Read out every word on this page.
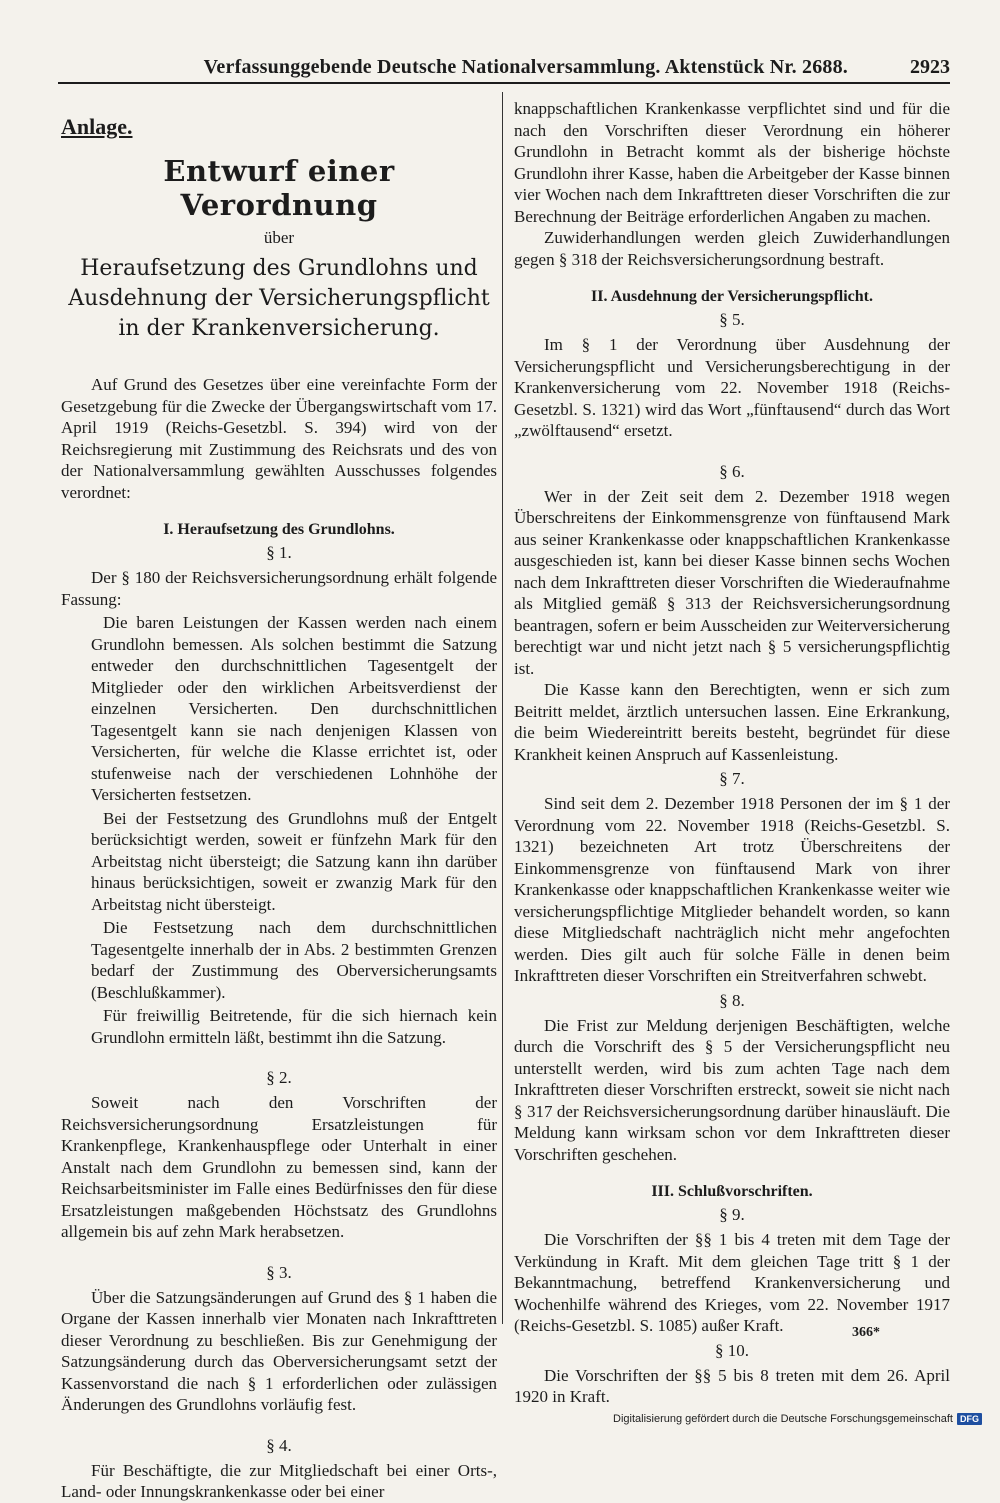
Verfassunggebende Deutsche Nationalversammlung. Aktenstück Nr. 2688.	2923
Anlage.
Entwurf einer Verordnung
über
Heraufsetzung des Grundlohns und Ausdehnung der Versicherungspflicht in der Krankenversicherung.

Auf Grund des Gesetzes über eine vereinfachte Form der Gesetzgebung für die Zwecke der Übergangswirtschaft vom 17. April 1919 (Reichs-Gesetzbl. S. 394) wird von der Reichsregierung mit Zustimmung des Reichsrats und des von der Nationalversammlung gewählten Ausschusses folgendes verordnet:

I. Heraufsetzung des Grundlohns.
§ 1.

Der § 180 der Reichsversicherungsordnung erhält folgende Fassung:

Die baren Leistungen der Kassen werden nach einem Grundlohn bemessen. Als solchen bestimmt die Satzung entweder den durchschnittlichen Tagesentgelt der Mitglieder oder den wirklichen Arbeitsverdienst der einzelnen Versicherten. Den durchschnittlichen Tagesentgelt kann sie nach denjenigen Klassen von Versicherten, für welche die Klasse errichtet ist, oder stufenweise nach der verschiedenen Lohnhöhe der Versicherten festsetzen.

Bei der Festsetzung des Grundlohns muß der Entgelt berücksichtigt werden, soweit er fünfzehn Mark für den Arbeitstag nicht übersteigt; die Satzung kann ihn darüber hinaus berücksichtigen, soweit er zwanzig Mark für den Arbeitstag nicht übersteigt.

Die Festsetzung nach dem durchschnittlichen Tagesentgelte innerhalb der in Abs. 2 bestimmten Grenzen bedarf der Zustimmung des Oberversicherungsamts (Beschlußkammer).

Für freiwillig Beitretende, für die sich hiernach kein Grundlohn ermitteln läßt, bestimmt ihn die Satzung.

§ 2.

Soweit nach den Vorschriften der Reichsversicherungsordnung Ersatzleistungen für Krankenpflege, Krankenhauspflege oder Unterhalt in einer Anstalt nach dem Grundlohn zu bemessen sind, kann der Reichsarbeitsminister im Falle eines Bedürfnisses den für diese Ersatzleistungen maßgebenden Höchstsatz des Grundlohns allgemein bis auf zehn Mark herabsetzen.

§ 3.

Über die Satzungsänderungen auf Grund des § 1 haben die Organe der Kassen innerhalb vier Monaten nach Inkrafttreten dieser Verordnung zu beschließen. Bis zur Genehmigung der Satzungsänderung durch das Oberversicherungsamt setzt der Kassenvorstand die nach § 1 erforderlichen oder zulässigen Änderungen des Grundlohns vorläufig fest.

§ 4.

Für Beschäftigte, die zur Mitgliedschaft bei einer Orts-, Land- oder Innungskrankenkasse oder bei einer

knappschaftlichen Krankenkasse verpflichtet sind und für die nach den Vorschriften dieser Verordnung ein höherer Grundlohn in Betracht kommt als der bisherige höchste Grundlohn ihrer Kasse, haben die Arbeitgeber der Kasse binnen vier Wochen nach dem Inkrafttreten dieser Vorschriften die zur Berechnung der Beiträge erforderlichen Angaben zu machen.

Zuwiderhandlungen werden gleich Zuwiderhandlungen gegen § 318 der Reichsversicherungsordnung bestraft.

II. Ausdehnung der Versicherungspflicht.
§ 5.

Im § 1 der Verordnung über Ausdehnung der Versicherungspflicht und Versicherungsberechtigung in der Krankenversicherung vom 22. November 1918 (Reichs-Gesetzbl. S. 1321) wird das Wort „fünftausend“ durch das Wort „zwölftausend“ ersetzt.

§ 6.

Wer in der Zeit seit dem 2. Dezember 1918 wegen Überschreitens der Einkommensgrenze von fünftausend Mark aus seiner Krankenkasse oder knappschaftlichen Krankenkasse ausgeschieden ist, kann bei dieser Kasse binnen sechs Wochen nach dem Inkrafttreten dieser Vorschriften die Wiederaufnahme als Mitglied gemäß § 313 der Reichsversicherungsordnung beantragen, sofern er beim Ausscheiden zur Weiterversicherung berechtigt war und nicht jetzt nach § 5 versicherungspflichtig ist.

Die Kasse kann den Berechtigten, wenn er sich zum Beitritt meldet, ärztlich untersuchen lassen. Eine Erkrankung, die beim Wiedereintritt bereits besteht, begründet für diese Krankheit keinen Anspruch auf Kassenleistung.

§ 7.

Sind seit dem 2. Dezember 1918 Personen der im § 1 der Verordnung vom 22. November 1918 (Reichs-Gesetzbl. S. 1321) bezeichneten Art trotz Überschreitens der Einkommensgrenze von fünftausend Mark von ihrer Krankenkasse oder knappschaftlichen Krankenkasse weiter wie versicherungspflichtige Mitglieder behandelt worden, so kann diese Mitgliedschaft nachträglich nicht mehr angefochten werden. Dies gilt auch für solche Fälle in denen beim Inkrafttreten dieser Vorschriften ein Streitverfahren schwebt.

§ 8.

Die Frist zur Meldung derjenigen Beschäftigten, welche durch die Vorschrift des § 5 der Versicherungspflicht neu unterstellt werden, wird bis zum achten Tage nach dem Inkrafttreten dieser Vorschriften erstreckt, soweit sie nicht nach § 317 der Reichsversicherungsordnung darüber hinausläuft. Die Meldung kann wirksam schon vor dem Inkrafttreten dieser Vorschriften geschehen.

III. Schlußvorschriften.
§ 9.

Die Vorschriften der §§ 1 bis 4 treten mit dem Tage der Verkündung in Kraft. Mit dem gleichen Tage tritt § 1 der Bekanntmachung, betreffend Krankenversicherung und Wochenhilfe während des Krieges, vom 22. November 1917 (Reichs-Gesetzbl. S. 1085) außer Kraft.

§ 10.

Die Vorschriften der §§ 5 bis 8 treten mit dem 26. April 1920 in Kraft.

366*
Digitalisierung gefördert durch die Deutsche Forschungsgemeinschaft DFG
